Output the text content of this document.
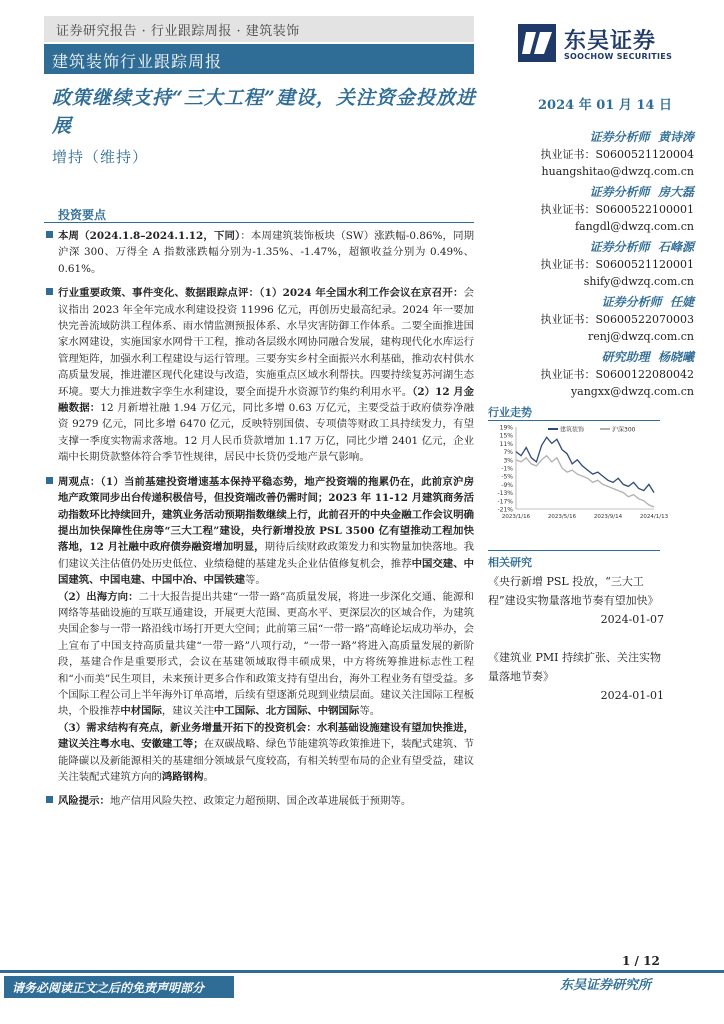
证券研究报告 · 行业跟踪周报 · 建筑装饰
建筑装饰行业跟踪周报
东吴证券
SOOCHOW SECURITIES
政策继续支持“三大工程”建设，关注资金投放进展
增持（维持）
2024 年 01 月 14 日
证券分析师 黄诗涛
执业证书：S0600521120004
huangshitao@dwzq.com.cn
证券分析师 房大磊
执业证书：S0600522100001
fangdl@dwzq.com.cn
证券分析师 石峰源
执业证书：S0600521120001
shify@dwzq.com.cn
证券分析师 任婕
执业证书：S0600522070003
renj@dwzq.com.cn
研究助理 杨晓曦
执业证书：S0600122080042
yangxx@dwzq.com.cn
投资要点
本周（2024.1.8–2024.1.12，下同）：本周建筑装饰板块（SW）涨跌幅-0.86%，同期沪深 300、万得全 A 指数涨跌幅分别为-1.35%、-1.47%，超额收益分别为 0.49%、0.61%。
行业重要政策、事件变化、数据跟踪点评：（1）2024 年全国水利工作会议在京召开：会议指出 2023 年全年完成水利建设投资 11996 亿元，再创历史最高纪录。2024 年一要加快完善流域防洪工程体系、雨水情监测预报体系、水旱灾害防御工作体系。二要全面推进国家水网建设，实施国家水网骨干工程，推动各层级水网协同融合发展，建构现代化水库运行管理矩阵，加强水利工程建设与运行管理。三要夯实乡村全面振兴水利基础，推动农村供水高质量发展，推进灌区现代化建设与改造，实施重点区域水利帮扶。四要持续复苏河湖生态环境。要大力推进数字孪生水利建设，要全面提升水资源节约集约利用水平。（2）12 月金融数据：12 月新增社融 1.94 万亿元，同比多增 0.63 万亿元，主要受益于政府债券净融资 9279 亿元，同比多增 6470 亿元，反映特别国债、专项债等财政工具持续发力，有望支撑一季度实物需求落地。12 月人民币贷款增加 1.17 万亿，同比少增 2401 亿元，企业端中长期贷款整体符合季节性规律，居民中长贷仍受地产景气影响。
周观点：（1）当前基建投资增速基本保持平稳态势，地产投资端的拖累仍在，此前京沪房地产政策同步出台传递积极信号，但投资端改善仍需时间；2023 年 11-12 月建筑商务活动指数环比持续回升，建筑业务活动预期指数继续上行，此前召开的中央金融工作会议明确提出加快保障性住房等“三大工程”建设，央行新增投放 PSL 3500 亿有望推动工程加快落地，12 月社融中政府债券融资增加明显，期待后续财政政策发力和实物量加快落地。我们建议关注估值仍处历史低位、业绩稳健的基建龙头企业估值修复机会，推荐中国交建、中国建筑、中国电建、中国中冶、中国铁建等。
（2）出海方向：二十大报告提出共建“一带一路”高质量发展，将进一步深化交通、能源和网络等基础设施的互联互通建设，开展更大范围、更高水平、更深层次的区域合作，为建筑央国企参与一带一路沿线市场打开更大空间；此前第三届“一带一路”高峰论坛成功举办，会上宣布了中国支持高质量共建“一带一路”八项行动，“一带一路”将进入高质量发展的新阶段，基建合作是重要形式，会议在基建领域取得丰硕成果，中方将统筹推进标志性工程和“小而美”民生项目，未来预计更多合作和政策支持有望出台，海外工程业务有望受益。多个国际工程公司上半年海外订单高增，后续有望逐渐兑现到业绩层面。建议关注国际工程板块，个股推荐中材国际，建议关注中工国际、北方国际、中钢国际等。
（3）需求结构有亮点，新业务增量开拓下的投资机会：水利基础设施建设有望加快推进，建议关注粤水电、安徽建工等；在双碳战略、绿色节能建筑等政策推进下，装配式建筑、节能降碳以及新能源相关的基建细分领域景气度较高，有相关转型布局的企业有望受益，建议关注装配式建筑方向的鸿路钢构。
风险提示：地产信用风险失控、政策定力超预期、国企改革进展低于预期等。
行业走势
19%
15%
11%
7%
3%
-1%
-5%
-9%
-13%
-17%
-21%
2023/1/16	2023/5/16	2023/9/14	2024/1/13
建筑装饰	沪深300
相关研究
《央行新增 PSL 投放，“三大工程”建设实物量落地节奏有望加快》
2024-01-07
《建筑业 PMI 持续扩张、关注实物量落地节奏》
2024-01-01
1 / 12
请务必阅读正文之后的免责声明部分	东吴证券研究所
